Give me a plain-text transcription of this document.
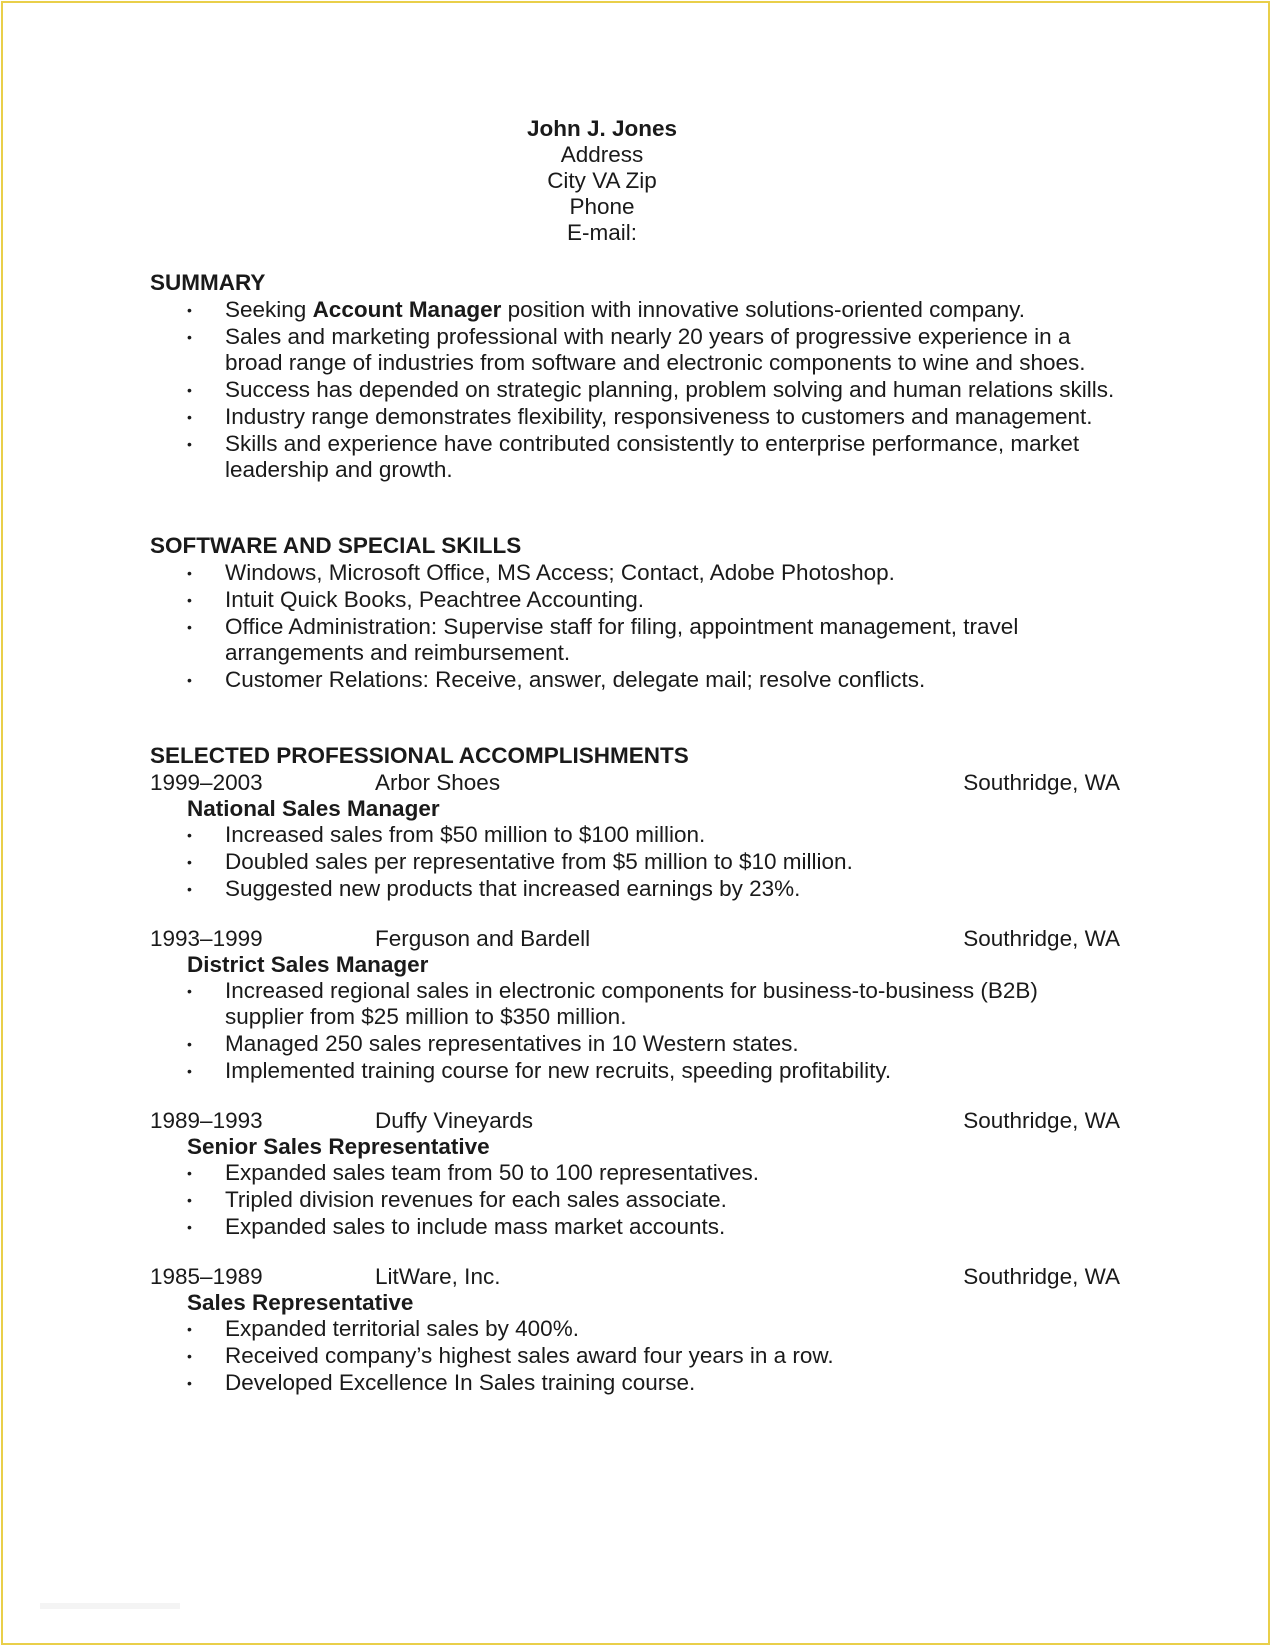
John J. Jones
Address
City VA Zip
Phone
E-mail:
SUMMARY
• Seeking Account Manager position with innovative solutions-oriented company.
• Sales and marketing professional with nearly 20 years of progressive experience in a broad range of industries from software and electronic components to wine and shoes.
• Success has depended on strategic planning, problem solving and human relations skills.
• Industry range demonstrates flexibility, responsiveness to customers and management.
• Skills and experience have contributed consistently to enterprise performance, market leadership and growth.
SOFTWARE AND SPECIAL SKILLS
• Windows, Microsoft Office, MS Access; Contact, Adobe Photoshop.
• Intuit Quick Books, Peachtree Accounting.
• Office Administration: Supervise staff for filing, appointment management, travel arrangements and reimbursement.
• Customer Relations: Receive, answer, delegate mail; resolve conflicts.
SELECTED PROFESSIONAL ACCOMPLISHMENTS
1999–2003	Arbor Shoes	Southridge, WA
National Sales Manager
• Increased sales from $50 million to $100 million.
• Doubled sales per representative from $5 million to $10 million.
• Suggested new products that increased earnings by 23%.
1993–1999	Ferguson and Bardell	Southridge, WA
District Sales Manager
• Increased regional sales in electronic components for business-to-business (B2B) supplier from $25 million to $350 million.
• Managed 250 sales representatives in 10 Western states.
• Implemented training course for new recruits, speeding profitability.
1989–1993	Duffy Vineyards	Southridge, WA
Senior Sales Representative
• Expanded sales team from 50 to 100 representatives.
• Tripled division revenues for each sales associate.
• Expanded sales to include mass market accounts.
1985–1989	LitWare, Inc.	Southridge, WA
Sales Representative
• Expanded territorial sales by 400%.
• Received company’s highest sales award four years in a row.
• Developed Excellence In Sales training course.
